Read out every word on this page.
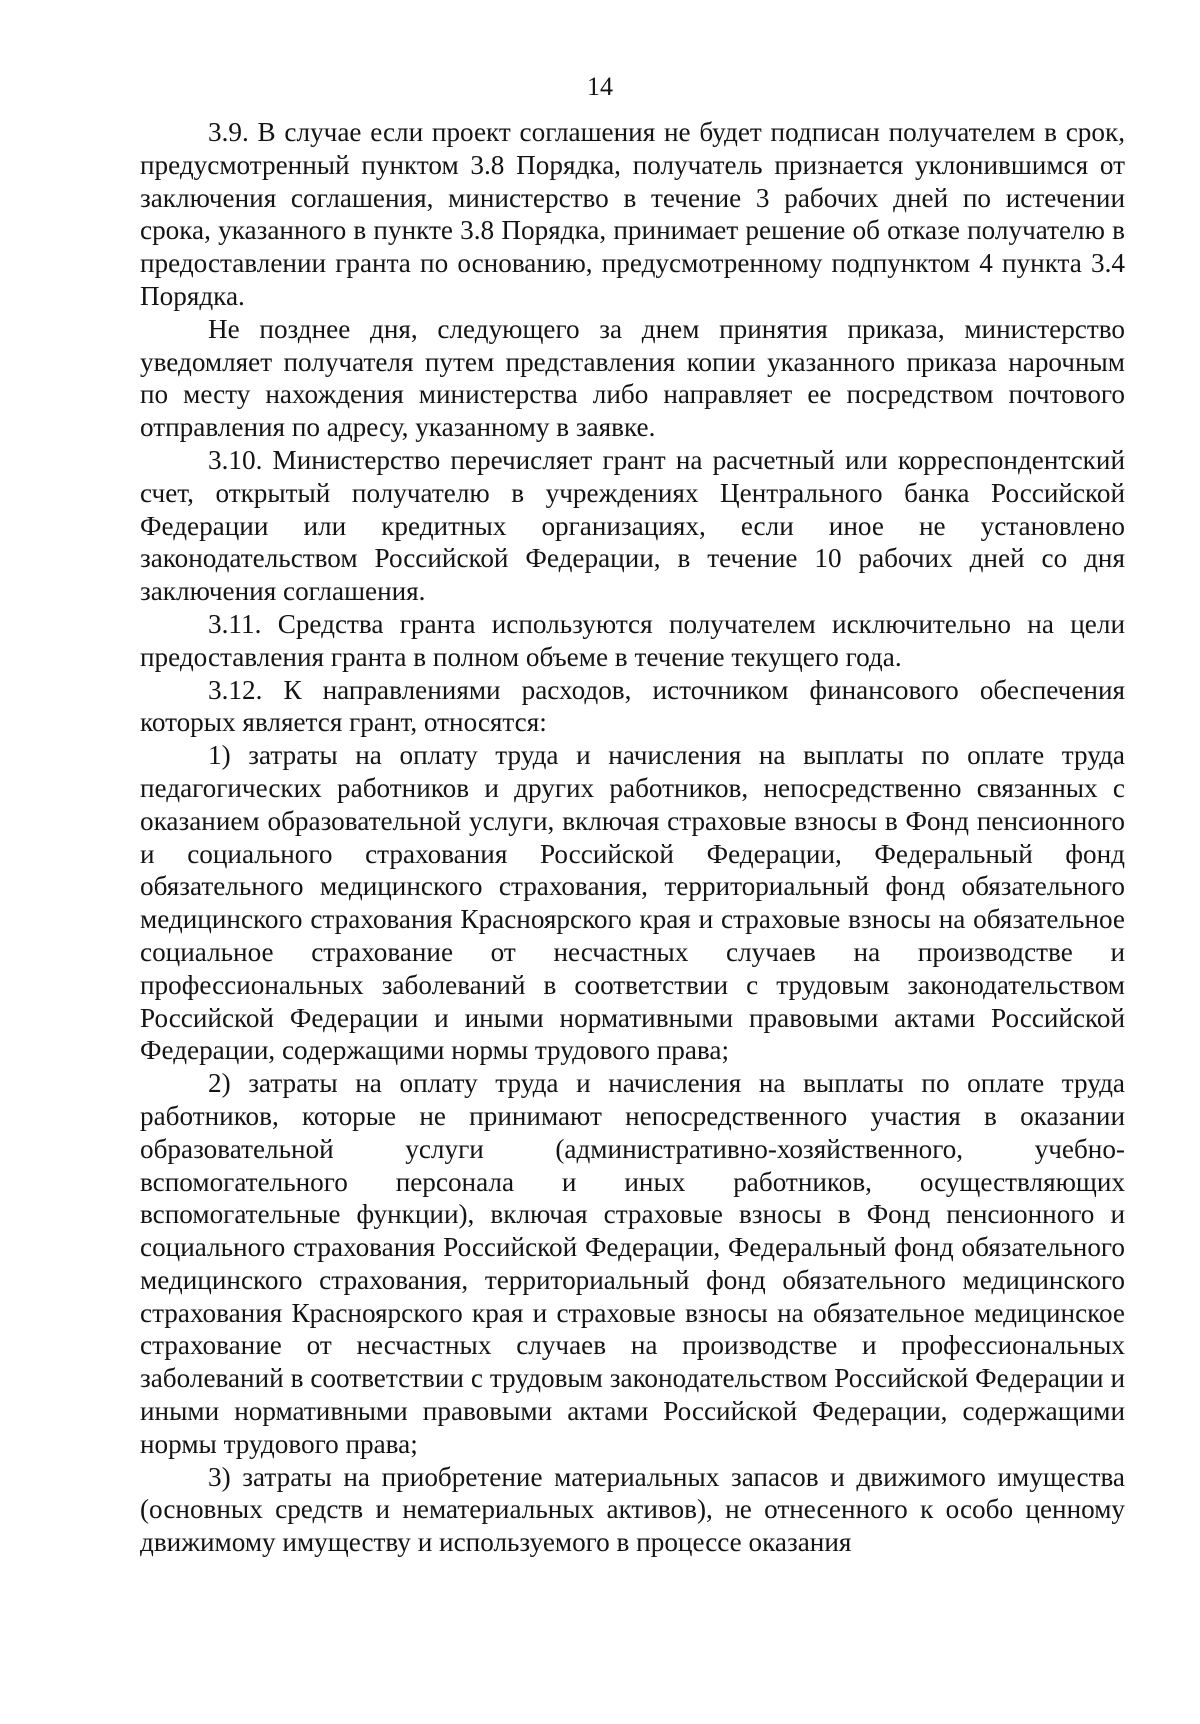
14

3.9. В случае если проект соглашения не будет подписан получателем в срок, предусмотренный пунктом 3.8 Порядка, получатель признается уклонившимся от заключения соглашения, министерство в течение 3 рабочих дней по истечении срока, указанного в пункте 3.8 Порядка, принимает решение об отказе получателю в предоставлении гранта по основанию, предусмотренному подпунктом 4 пункта 3.4 Порядка.

Не позднее дня, следующего за днем принятия приказа, министерство уведомляет получателя путем представления копии указанного приказа нарочным по месту нахождения министерства либо направляет ее посредством почтового отправления по адресу, указанному в заявке.

3.10. Министерство перечисляет грант на расчетный или корреспондентский счет, открытый получателю в учреждениях Центрального банка Российской Федерации или кредитных организациях, если иное не установлено законодательством Российской Федерации, в течение 10 рабочих дней со дня заключения соглашения.

3.11. Средства гранта используются получателем исключительно на цели предоставления гранта в полном объеме в течение текущего года.

3.12. К направлениями расходов, источником финансового обеспечения которых является грант, относятся:

1) затраты на оплату труда и начисления на выплаты по оплате труда педагогических работников и других работников, непосредственно связанных с оказанием образовательной услуги, включая страховые взносы в Фонд пенсионного и социального страхования Российской Федерации, Федеральный фонд обязательного медицинского страхования, территориальный фонд обязательного медицинского страхования Красноярского края и страховые взносы на обязательное социальное страхование от несчастных случаев на производстве и профессиональных заболеваний в соответствии с трудовым законодательством Российской Федерации и иными нормативными правовыми актами Российской Федерации, содержащими нормы трудового права;

2) затраты на оплату труда и начисления на выплаты по оплате труда работников, которые не принимают непосредственного участия в оказании образовательной услуги (административно-хозяйственного, учебно-вспомогательного персонала и иных работников, осуществляющих вспомогательные функции), включая страховые взносы в Фонд пенсионного и социального страхования Российской Федерации, Федеральный фонд обязательного медицинского страхования, территориальный фонд обязательного медицинского страхования Красноярского края и страховые взносы на обязательное медицинское страхование от несчастных случаев на производстве и профессиональных заболеваний в соответствии с трудовым законодательством Российской Федерации и иными нормативными правовыми актами Российской Федерации, содержащими нормы трудового права;

3) затраты на приобретение материальных запасов и движимого имущества (основных средств и нематериальных активов), не отнесенного к особо ценному движимому имуществу и используемого в процессе оказания
